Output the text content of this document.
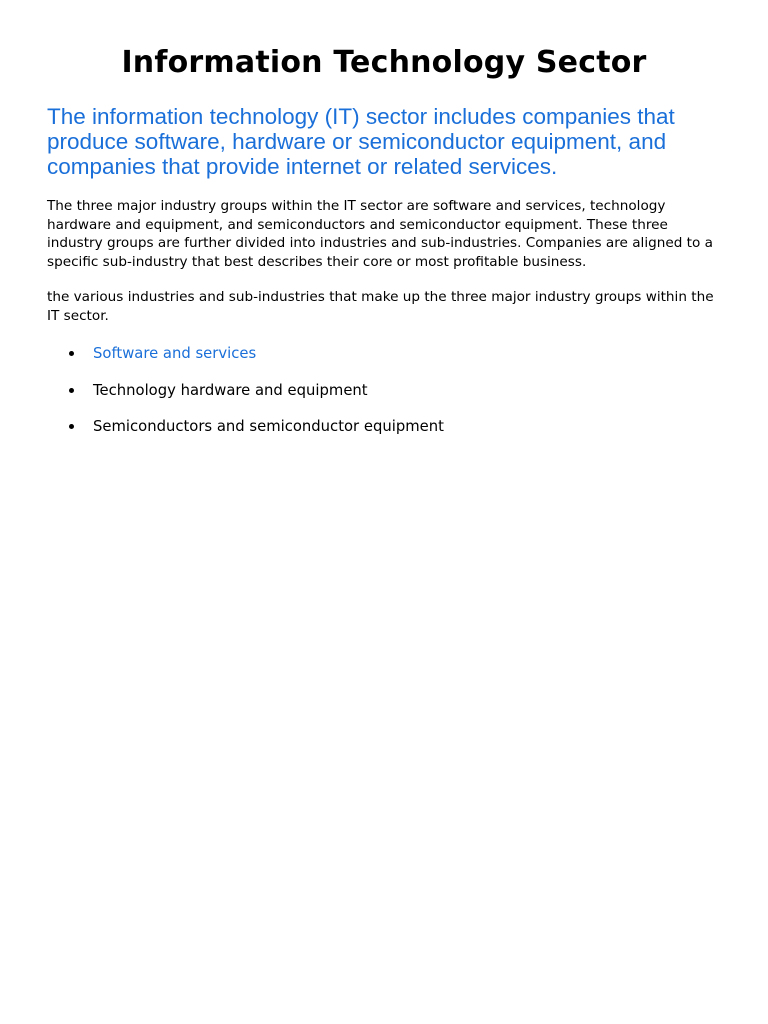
Information Technology Sector

The information technology (IT) sector includes companies that produce software, hardware or semiconductor equipment, and companies that provide internet or related services.

The three major industry groups within the IT sector are software and services, technology hardware and equipment, and semiconductors and semiconductor equipment. These three industry groups are further divided into industries and sub-industries. Companies are aligned to a specific sub-industry that best describes their core or most profitable business.

the various industries and sub-industries that make up the three major industry groups within the IT sector.

Software and services
Technology hardware and equipment
Semiconductors and semiconductor equipment
